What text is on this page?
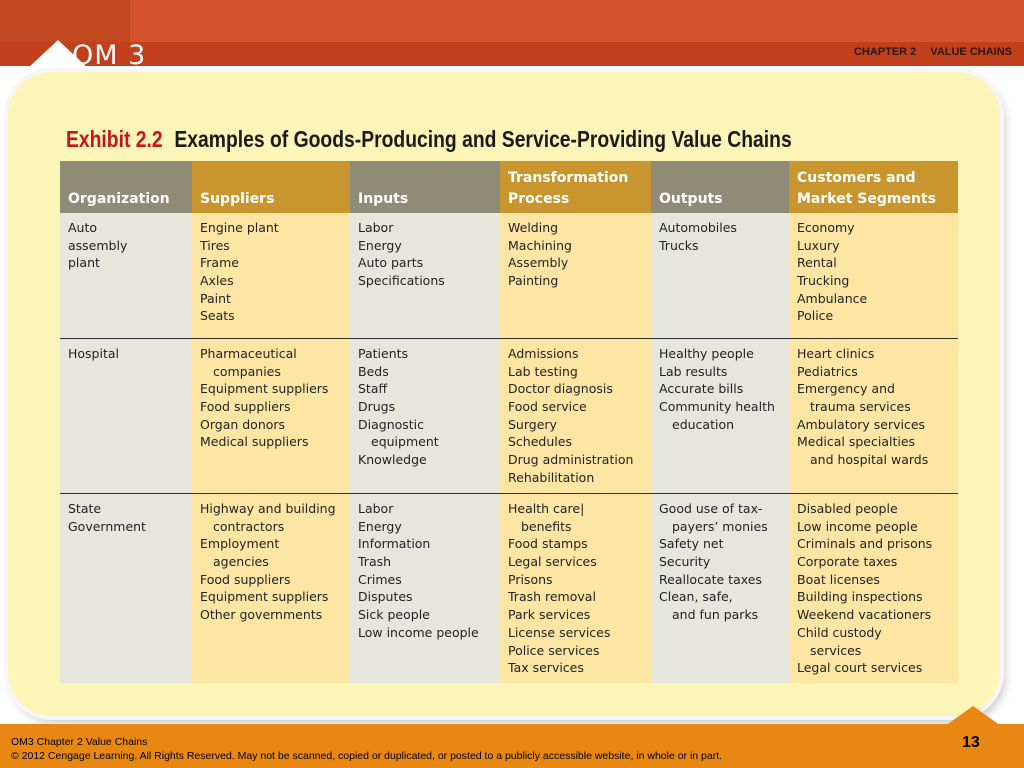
OM 3	CHAPTER 2 VALUE CHAINS
Exhibit 2.2 Examples of Goods-Producing and Service-Providing Value Chains
Organization
Auto
assembly
plant
Hospital
State
Government
Suppliers
Engine plant
Tires
Frame
Axles
Paint
Seats
Pharmaceutical
companies
Equipment suppliers
Food suppliers
Organ donors
Medical suppliers
Highway and building
contractors
Employment
agencies
Food suppliers
Equipment suppliers
Other governments
Inputs
Labor
Energy
Auto parts
Specifications
Patients
Beds
Staff
Drugs
Diagnostic
equipment
Knowledge
Labor
Energy
Information
Trash
Crimes
Disputes
Sick people
Low income people
Transformation
Process
Welding
Machining
Assembly
Painting
Admissions
Lab testing
Doctor diagnosis
Food service
Surgery
Schedules
Drug administration
Rehabilitation
Health care|
benefits
Food stamps
Legal services
Prisons
Trash removal
Park services
License services
Police services
Tax services
Outputs
Automobiles
Trucks
Healthy people
Lab results
Accurate bills
Community health
education
Good use of tax-
payers’ monies
Safety net
Security
Reallocate taxes
Clean, safe,
and fun parks
Customers and
Market Segments
Economy
Luxury
Rental
Trucking
Ambulance
Police
Heart clinics
Pediatrics
Emergency and
trauma services
Ambulatory services
Medical specialties
and hospital wards
Disabled people
Low income people
Criminals and prisons
Corporate taxes
Boat licenses
Building inspections
Weekend vacationers
Child custody
services
Legal court services
OM3 Chapter 2 Value Chains
© 2012 Cengage Learning. All Rights Reserved. May not be scanned, copied or duplicated, or posted to a publicly accessible website, in whole or in part.
13
